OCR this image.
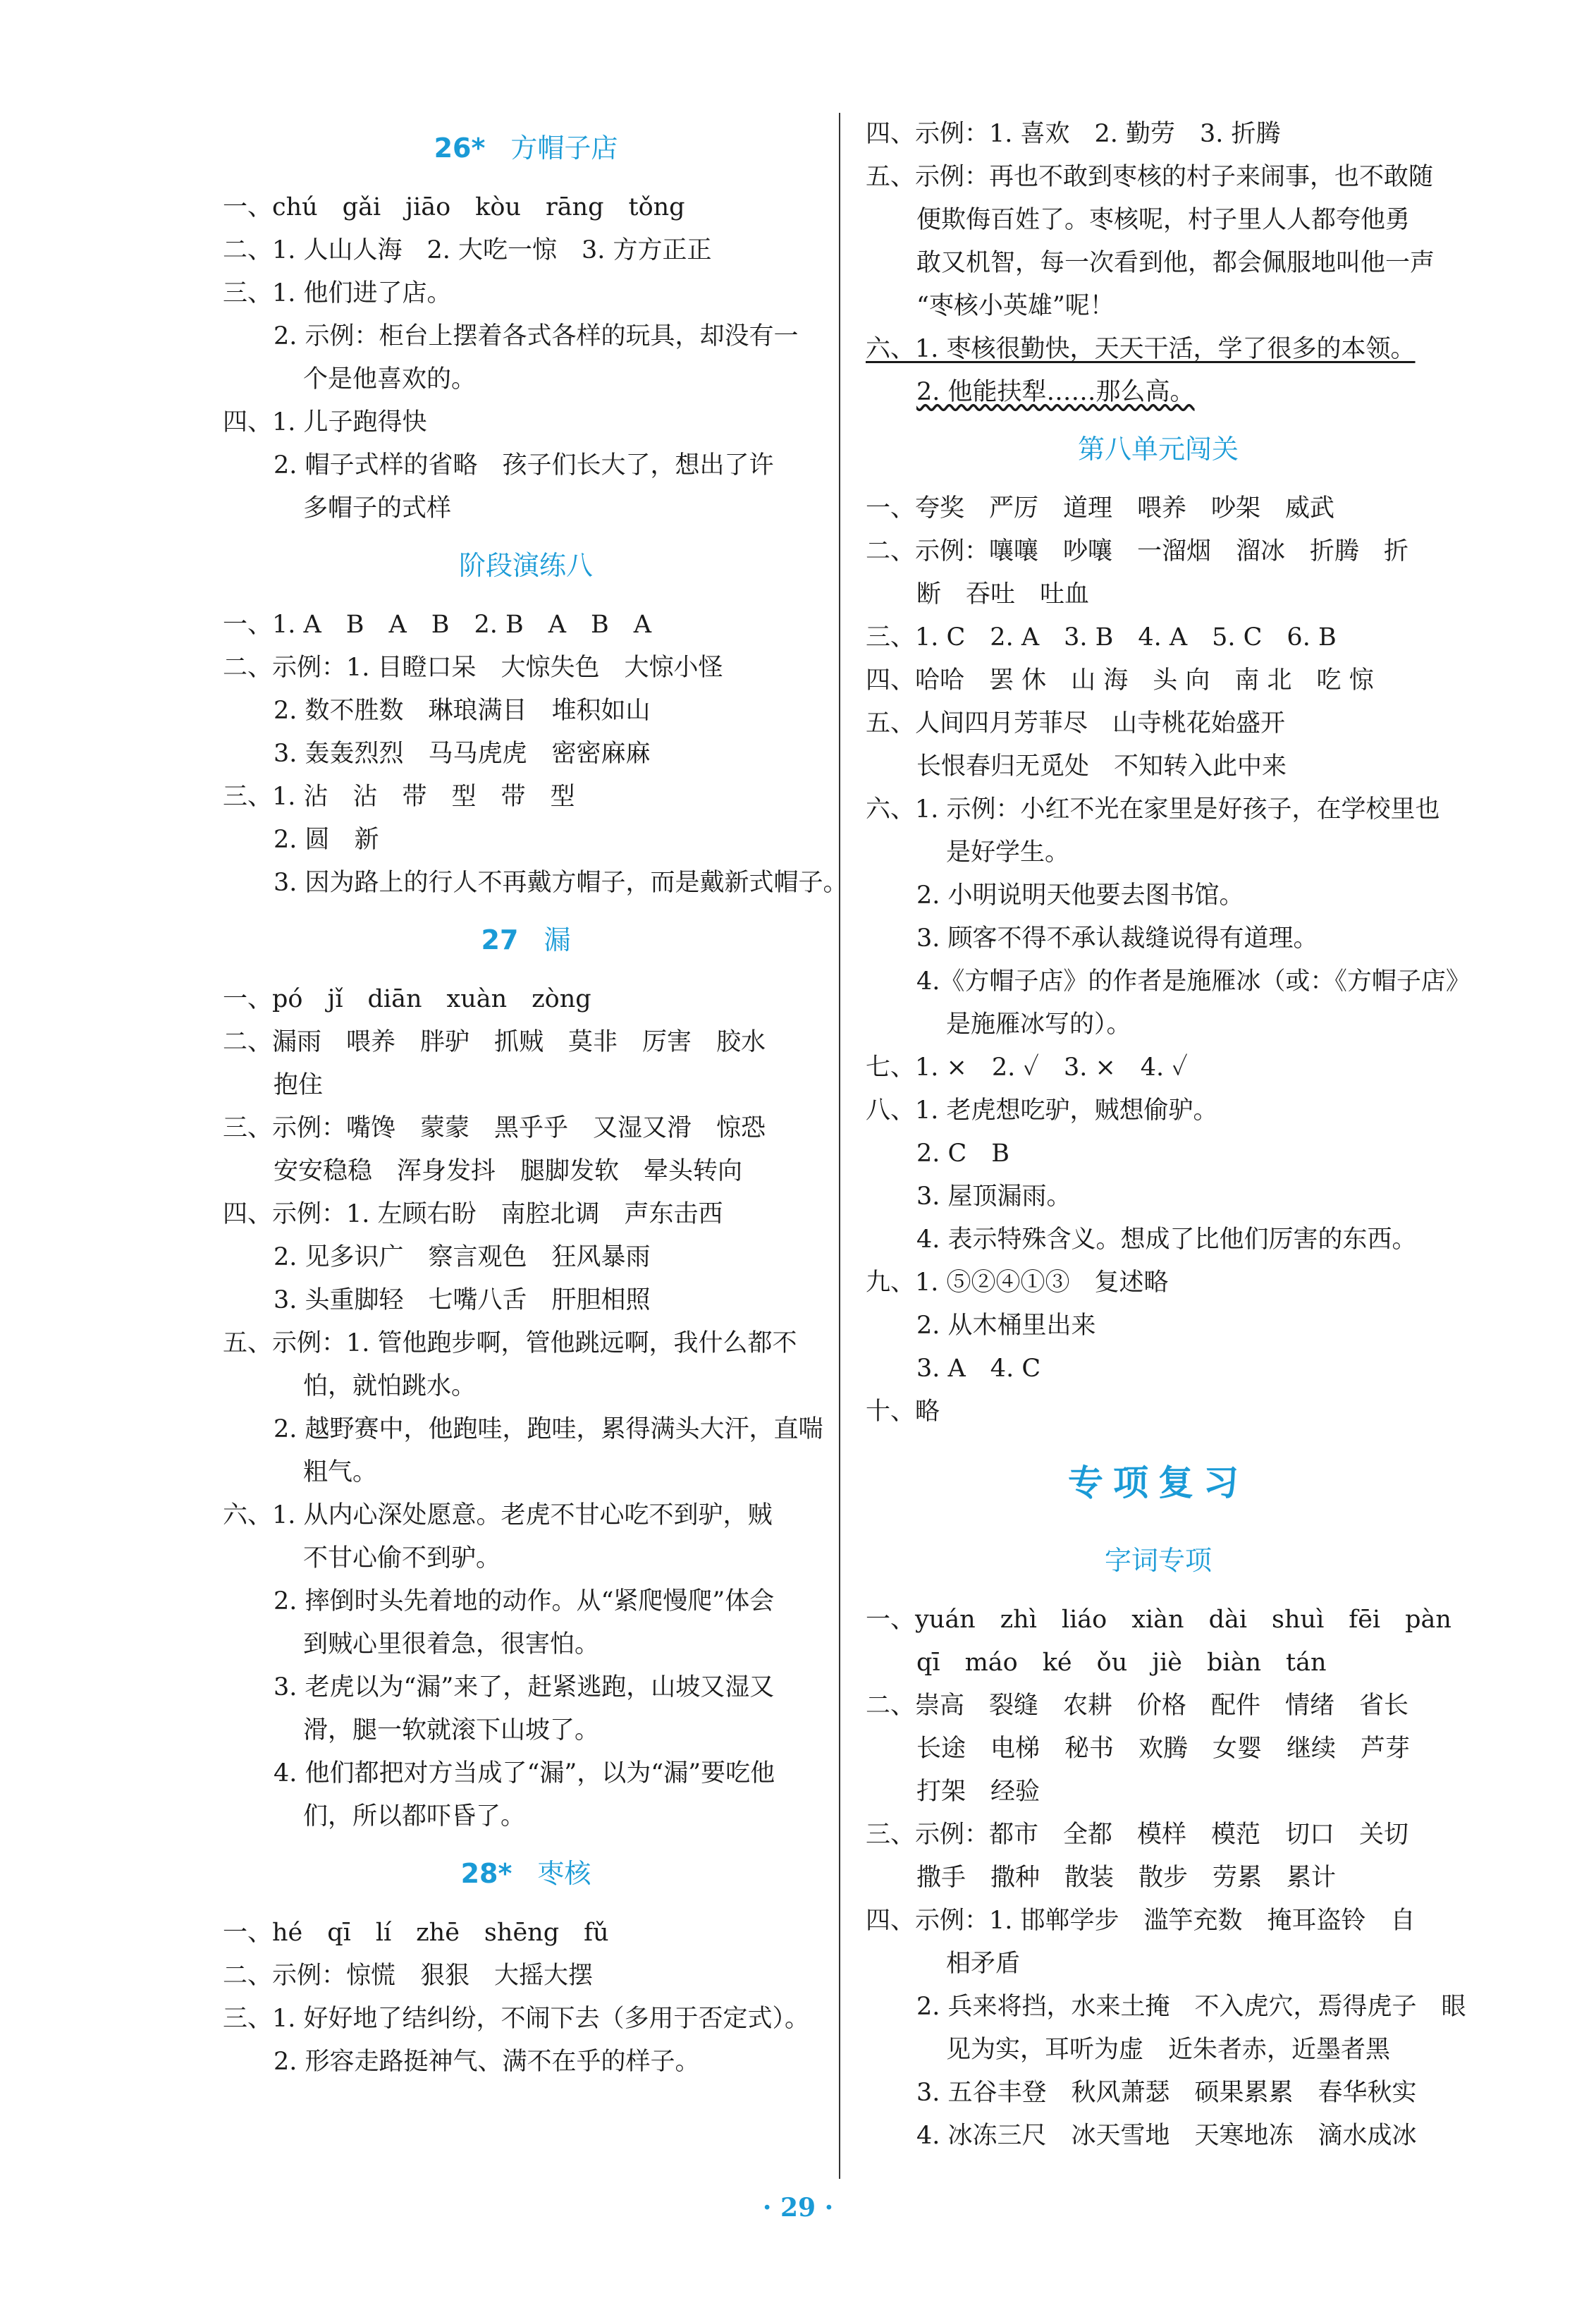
26* 方帽子店
一、chú　gǎi　jiāo　kòu　rāng　tǒng
二、1. 人山人海　2. 大吃一惊　3. 方方正正
三、1. 他们进了店。
2. 示例：柜台上摆着各式各样的玩具，却没有一
个是他喜欢的。
四、1. 儿子跑得快
2. 帽子式样的省略　孩子们长大了，想出了许
多帽子的式样
阶段演练八
一、1. A　B　A　B　2. B　A　B　A
二、示例：1. 目瞪口呆　大惊失色　大惊小怪
2. 数不胜数　琳琅满目　堆积如山
3. 轰轰烈烈　马马虎虎　密密麻麻
三、1. 沾　沾　带　型　带　型
2. 圆　新
3. 因为路上的行人不再戴方帽子，而是戴新式帽子。
27 漏
一、pó　jǐ　diān　xuàn　zòng
二、漏雨　喂养　胖驴　抓贼　莫非　厉害　胶水
抱住
三、示例：嘴馋　蒙蒙　黑乎乎　又湿又滑　惊恐
安安稳稳　浑身发抖　腿脚发软　晕头转向
四、示例：1. 左顾右盼　南腔北调　声东击西
2. 见多识广　察言观色　狂风暴雨
3. 头重脚轻　七嘴八舌　肝胆相照
五、示例：1. 管他跑步啊，管他跳远啊，我什么都不
怕，就怕跳水。
2. 越野赛中，他跑哇，跑哇，累得满头大汗，直喘
粗气。
六、1. 从内心深处愿意。老虎不甘心吃不到驴，贼
不甘心偷不到驴。
2. 摔倒时头先着地的动作。从“紧爬慢爬”体会
到贼心里很着急，很害怕。
3. 老虎以为“漏”来了，赶紧逃跑，山坡又湿又
滑，腿一软就滚下山坡了。
4. 他们都把对方当成了“漏”，以为“漏”要吃他
们，所以都吓昏了。
28* 枣核
一、hé　qī　lí　zhē　shēng　fǔ
二、示例：惊慌　狠狠　大摇大摆
三、1. 好好地了结纠纷，不闹下去（多用于否定式）。
2. 形容走路挺神气、满不在乎的样子。
四、示例：1. 喜欢　2. 勤劳　3. 折腾
五、示例：再也不敢到枣核的村子来闹事，也不敢随
便欺侮百姓了。枣核呢，村子里人人都夸他勇
敢又机智，每一次看到他，都会佩服地叫他一声
“枣核小英雄”呢！
六、1. 枣核很勤快，天天干活，学了很多的本领。
2. 他能扶犁……那么高。
第八单元闯关
一、夸奖　严厉　道理　喂养　吵架　威武
二、示例：嚷嚷　吵嚷　一溜烟　溜冰　折腾　折
断　吞吐　吐血
三、1. C　2. A　3. B　4. A　5. C　6. B
四、哈哈　罢 休　山 海　头 向　南 北　吃 惊
五、人间四月芳菲尽　山寺桃花始盛开
长恨春归无觅处　不知转入此中来
六、1. 示例：小红不光在家里是好孩子，在学校里也
是好学生。
2. 小明说明天他要去图书馆。
3. 顾客不得不承认裁缝说得有道理。
4.《方帽子店》的作者是施雁冰（或：《方帽子店》
是施雁冰写的）。
七、1. ×　2. ✓　3. ×　4. ✓
八、1. 老虎想吃驴，贼想偷驴。
2. C　B
3. 屋顶漏雨。
4. 表示特殊含义。想成了比他们厉害的东西。
九、1. ⑤②④①③　复述略
2. 从木桶里出来
3. A　4. C
十、略
专项复习
字词专项
一、yuán　zhì　liáo　xiàn　dài　shuì　fēi　pàn
qī　máo　ké　ǒu　jiè　biàn　tán
二、崇高　裂缝　农耕　价格　配件　情绪　省长
长途　电梯　秘书　欢腾　女婴　继续　芦芽
打架　经验
三、示例：都市　全都　模样　模范　切口　关切
撒手　撒种　散装　散步　劳累　累计
四、示例：1. 邯郸学步　滥竽充数　掩耳盗铃　自
相矛盾
2. 兵来将挡，水来土掩　不入虎穴，焉得虎子　眼
见为实，耳听为虚　近朱者赤，近墨者黑
3. 五谷丰登　秋风萧瑟　硕果累累　春华秋实
4. 冰冻三尺　冰天雪地　天寒地冻　滴水成冰
· 29 ·
